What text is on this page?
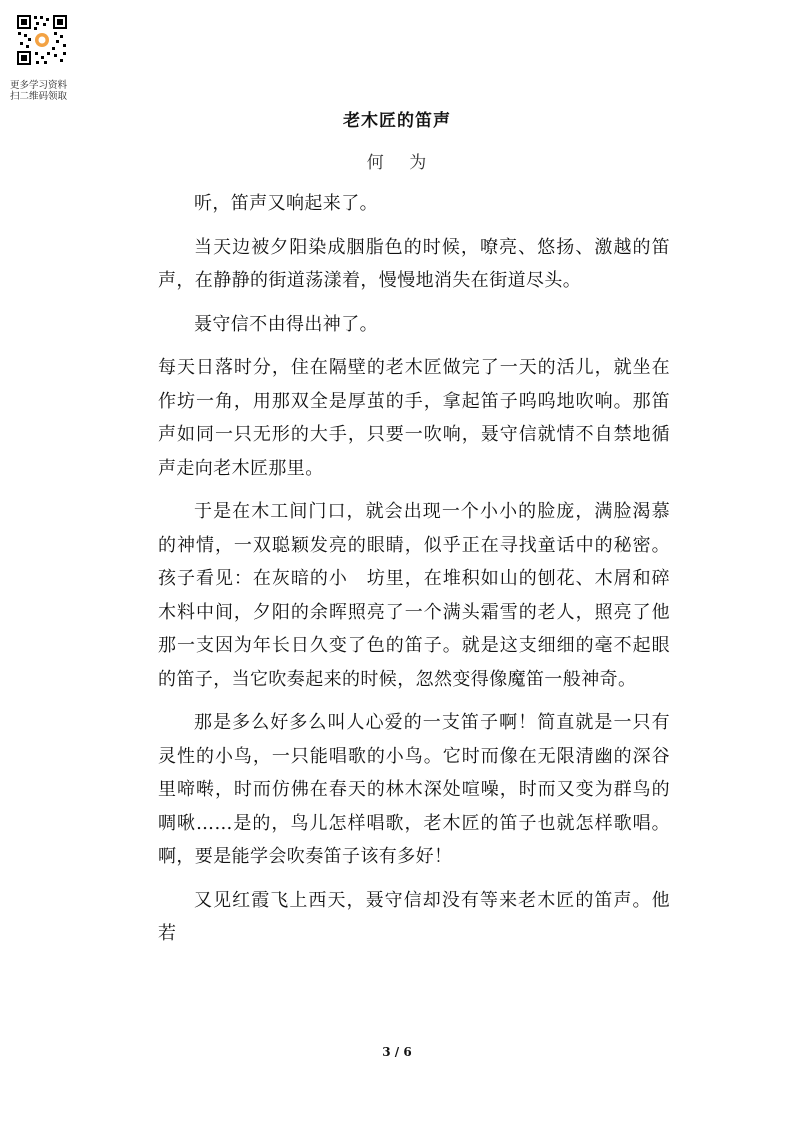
更多学习资料
扫二维码领取
老木匠的笛声
何 为

听，笛声又响起来了。

当天边被夕阳染成胭脂色的时候，嘹亮、悠扬、激越的笛声，在静静的街道荡漾着，慢慢地消失在街道尽头。

聂守信不由得出神了。

每天日落时分，住在隔壁的老木匠做完了一天的活儿，就坐在作坊一角，用那双全是厚茧的手，拿起笛子呜呜地吹响。那笛声如同一只无形的大手，只要一吹响，聂守信就情不自禁地循声走向老木匠那里。

于是在木工间门口，就会出现一个小小的脸庞，满脸渴慕的神情，一双聪颖发亮的眼睛，似乎正在寻找童话中的秘密。孩子看见：在灰暗的小　坊里，在堆积如山的刨花、木屑和碎木料中间，夕阳的余晖照亮了一个满头霜雪的老人，照亮了他那一支因为年长日久变了色的笛子。就是这支细细的毫不起眼的笛子，当它吹奏起来的时候，忽然变得像魔笛一般神奇。

那是多么好多么叫人心爱的一支笛子啊！简直就是一只有灵性的小鸟，一只能唱歌的小鸟。它时而像在无限清幽的深谷里啼啭，时而仿佛在春天的林木深处喧噪，时而又变为群鸟的啁啾……是的，鸟儿怎样唱歌，老木匠的笛子也就怎样歌唱。啊，要是能学会吹奏笛子该有多好！

又见红霞飞上西天，聂守信却没有等来老木匠的笛声。他若

3 / 6
